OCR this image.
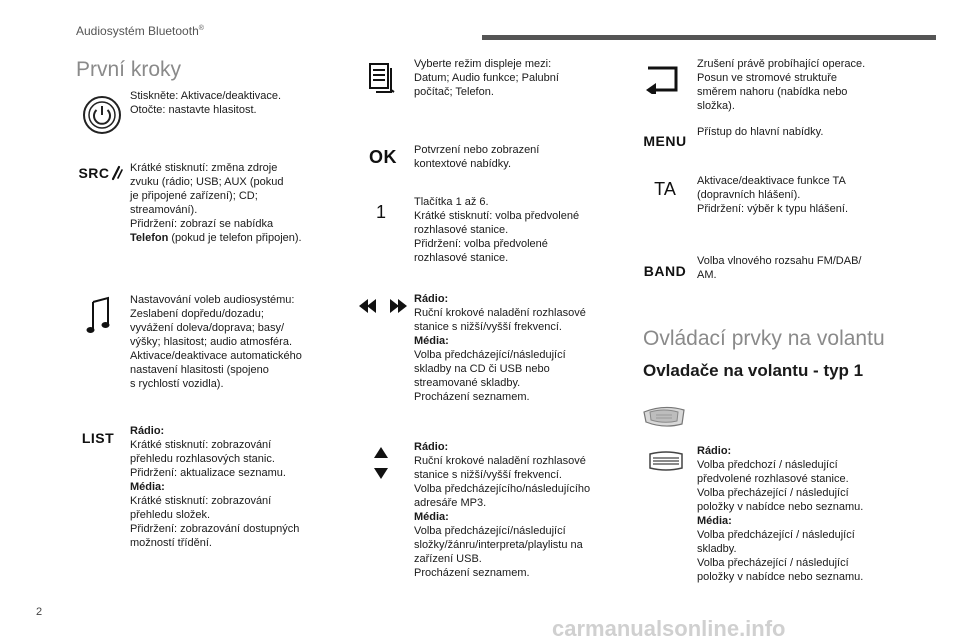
Audiosystém Bluetooth®
První kroky
Stiskněte: Aktivace/deaktivace.
Otočte: nastavte hlasitost.
SRC Krátké stisknutí: změna zdroje
zvuku (rádio; USB; AUX (pokud
je připojené zařízení); CD;
streamování).
Přidržení: zobrazí se nabídka
Telefon (pokud je telefon připojen).
Nastavování voleb audiosystému:
Zeslabení dopředu/dozadu;
vyvážení doleva/doprava; basy/
výšky; hlasitost; audio atmosféra.
Aktivace/deaktivace automatického
nastavení hlasitosti (spojeno
s rychlostí vozidla).
LIST Rádio:
Krátké stisknutí: zobrazování
přehledu rozhlasových stanic.
Přidržení: aktualizace seznamu.
Média:
Krátké stisknutí: zobrazování
přehledu složek.
Přidržení: zobrazování dostupných
možností třídění.
Vyberte režim displeje mezi:
Datum; Audio funkce; Palubní
počítač; Telefon.
OK Potvrzení nebo zobrazení
kontextové nabídky.
1	Tlačítka 1 až 6.
Krátké stisknutí: volba předvolené
rozhlasové stanice.
Přidržení: volba předvolené
rozhlasové stanice.
Rádio:
Ruční krokové naladění rozhlasové
stanice s nižší/vyšší frekvencí.
Média:
Volba předcházející/následující
skladby na CD či USB nebo
streamované skladby.
Procházení seznamem.
Rádio:
Ruční krokové naladění rozhlasové
stanice s nižší/vyšší frekvencí.
Volba předcházejícího/následujícího
adresáře MP3.
Média:
Volba předcházející/následující
složky/žánru/interpreta/playlistu na
zařízení USB.
Procházení seznamem.
Zrušení právě probíhající operace.
Posun ve stromové struktuře
směrem nahoru (nabídka nebo
složka).
MENU
Přístup do hlavní nabídky.
TA Aktivace/deaktivace funkce TA
(dopravních hlášení).
Přidržení: výběr k typu hlášení.
BAND
Volba vlnového rozsahu FM/DAB/
AM.
Ovládací prvky na volantu
Ovladače na volantu - typ 1
Rádio:
Volba předchozí / následující
předvolené rozhlasové stanice.
Volba přecházející / následující
položky v nabídce nebo seznamu.
Média:
Volba předcházející / následující
skladby.
Volba přecházející / následující
položky v nabídce nebo seznamu.
2
carmanualsonline.info
